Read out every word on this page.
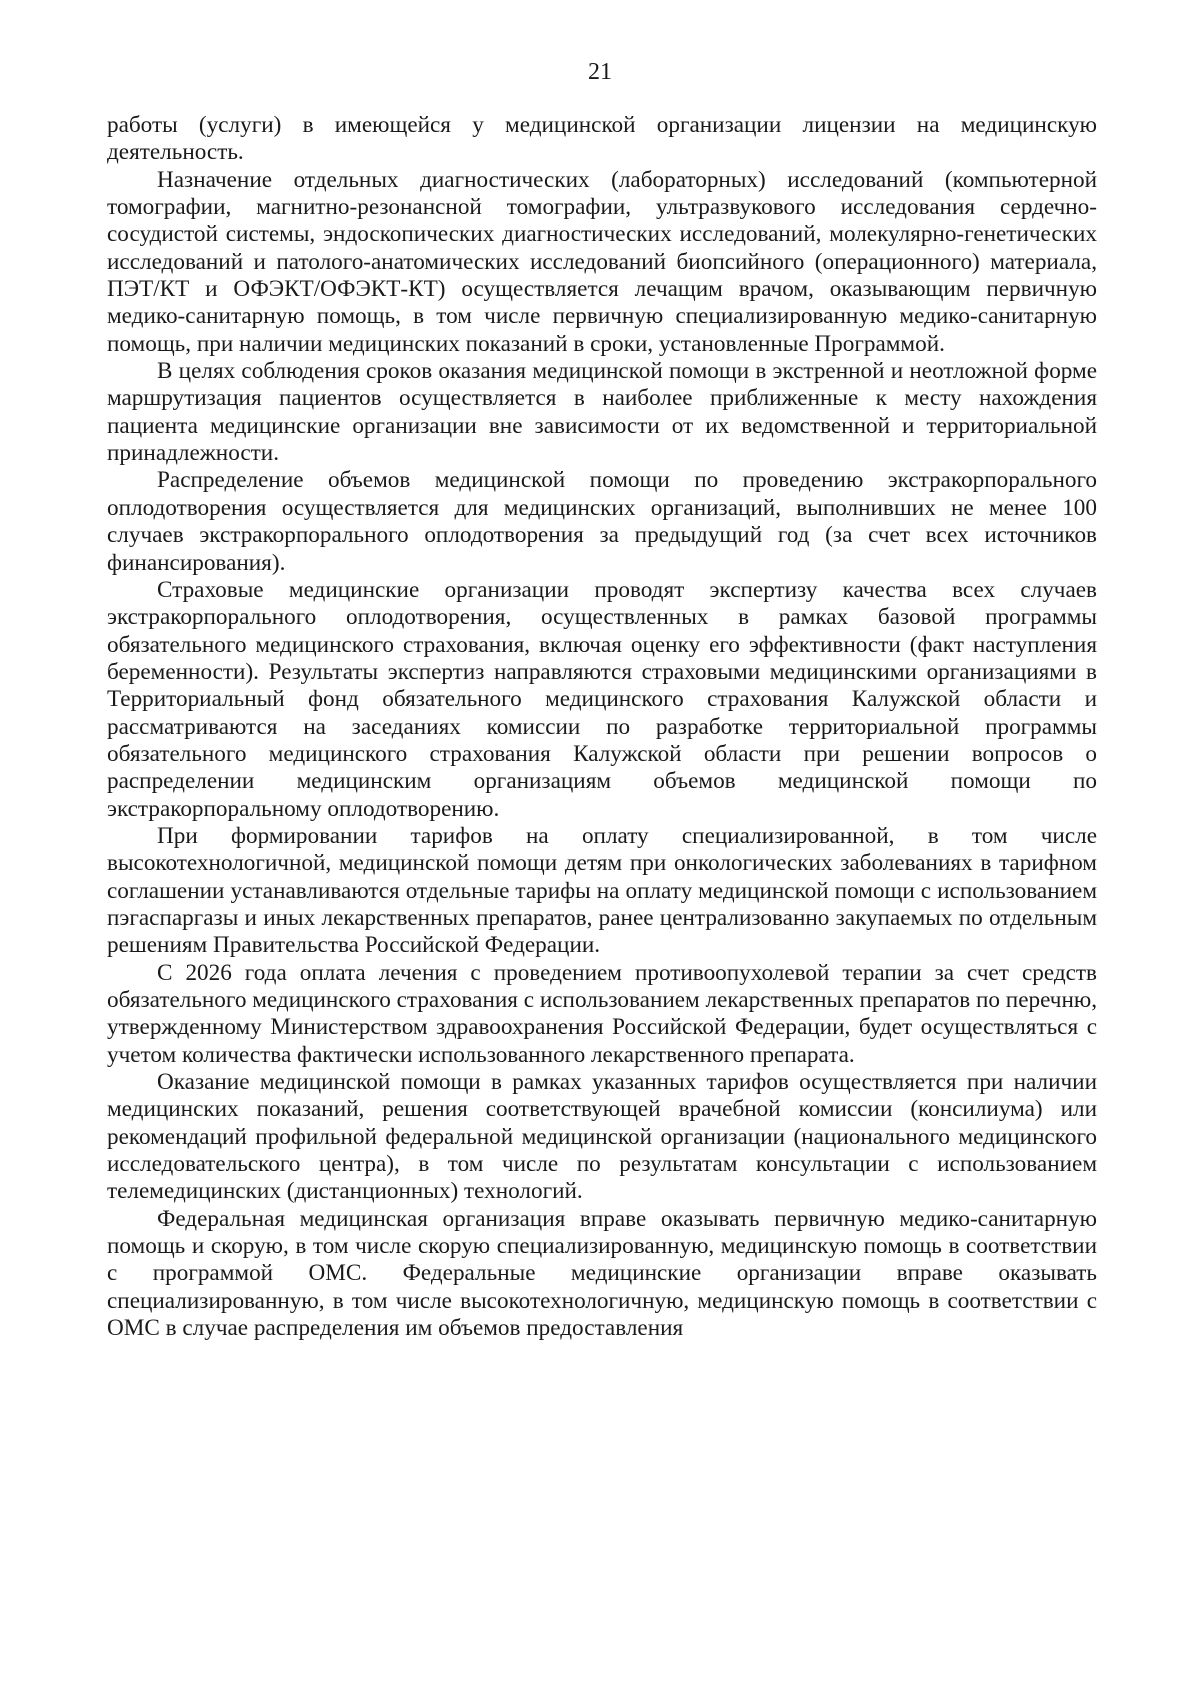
21

работы (услуги) в имеющейся у медицинской организации лицензии на медицинскую деятельность.

Назначение отдельных диагностических (лабораторных) исследований (компьютерной томографии, магнитно-резонансной томографии, ультразвукового исследования сердечно-сосудистой системы, эндоскопических диагностических исследований, молекулярно-генетических исследований и патолого-анатомических исследований биопсийного (операционного) материала, ПЭТ/КТ и ОФЭКТ/ОФЭКТ-КТ) осуществляется лечащим врачом, оказывающим первичную медико-санитарную помощь, в том числе первичную специализированную медико-санитарную помощь, при наличии медицинских показаний в сроки, установленные Программой.

В целях соблюдения сроков оказания медицинской помощи в экстренной и неотложной форме маршрутизация пациентов осуществляется в наиболее приближенные к месту нахождения пациента медицинские организации вне зависимости от их ведомственной и территориальной принадлежности.

Распределение объемов медицинской помощи по проведению экстракорпорального оплодотворения осуществляется для медицинских организаций, выполнивших не менее 100 случаев экстракорпорального оплодотворения за предыдущий год (за счет всех источников финансирования).

Страховые медицинские организации проводят экспертизу качества всех случаев экстракорпорального оплодотворения, осуществленных в рамках базовой программы обязательного медицинского страхования, включая оценку его эффективности (факт наступления беременности). Результаты экспертиз направляются страховыми медицинскими организациями в Территориальный фонд обязательного медицинского страхования Калужской области и рассматриваются на заседаниях комиссии по разработке территориальной программы обязательного медицинского страхования Калужской области при решении вопросов о распределении медицинским организациям объемов медицинской помощи по экстракорпоральному оплодотворению.

При формировании тарифов на оплату специализированной, в том числе высокотехнологичной, медицинской помощи детям при онкологических заболеваниях в тарифном соглашении устанавливаются отдельные тарифы на оплату медицинской помощи с использованием пэгаспаргазы и иных лекарственных препаратов, ранее централизованно закупаемых по отдельным решениям Правительства Российской Федерации.

С 2026 года оплата лечения с проведением противоопухолевой терапии за счет средств обязательного медицинского страхования с использованием лекарственных препаратов по перечню, утвержденному Министерством здравоохранения Российской Федерации, будет осуществляться с учетом количества фактически использованного лекарственного препарата.

Оказание медицинской помощи в рамках указанных тарифов осуществляется при наличии медицинских показаний, решения соответствующей врачебной комиссии (консилиума) или рекомендаций профильной федеральной медицинской организации (национального медицинского исследовательского центра), в том числе по результатам консультации с использованием телемедицинских (дистанционных) технологий.

Федеральная медицинская организация вправе оказывать первичную медико-санитарную помощь и скорую, в том числе скорую специализированную, медицинскую помощь в соответствии с программой ОМС. Федеральные медицинские организации вправе оказывать специализированную, в том числе высокотехнологичную, медицинскую помощь в соответствии с ОМС в случае распределения им объемов предоставления
